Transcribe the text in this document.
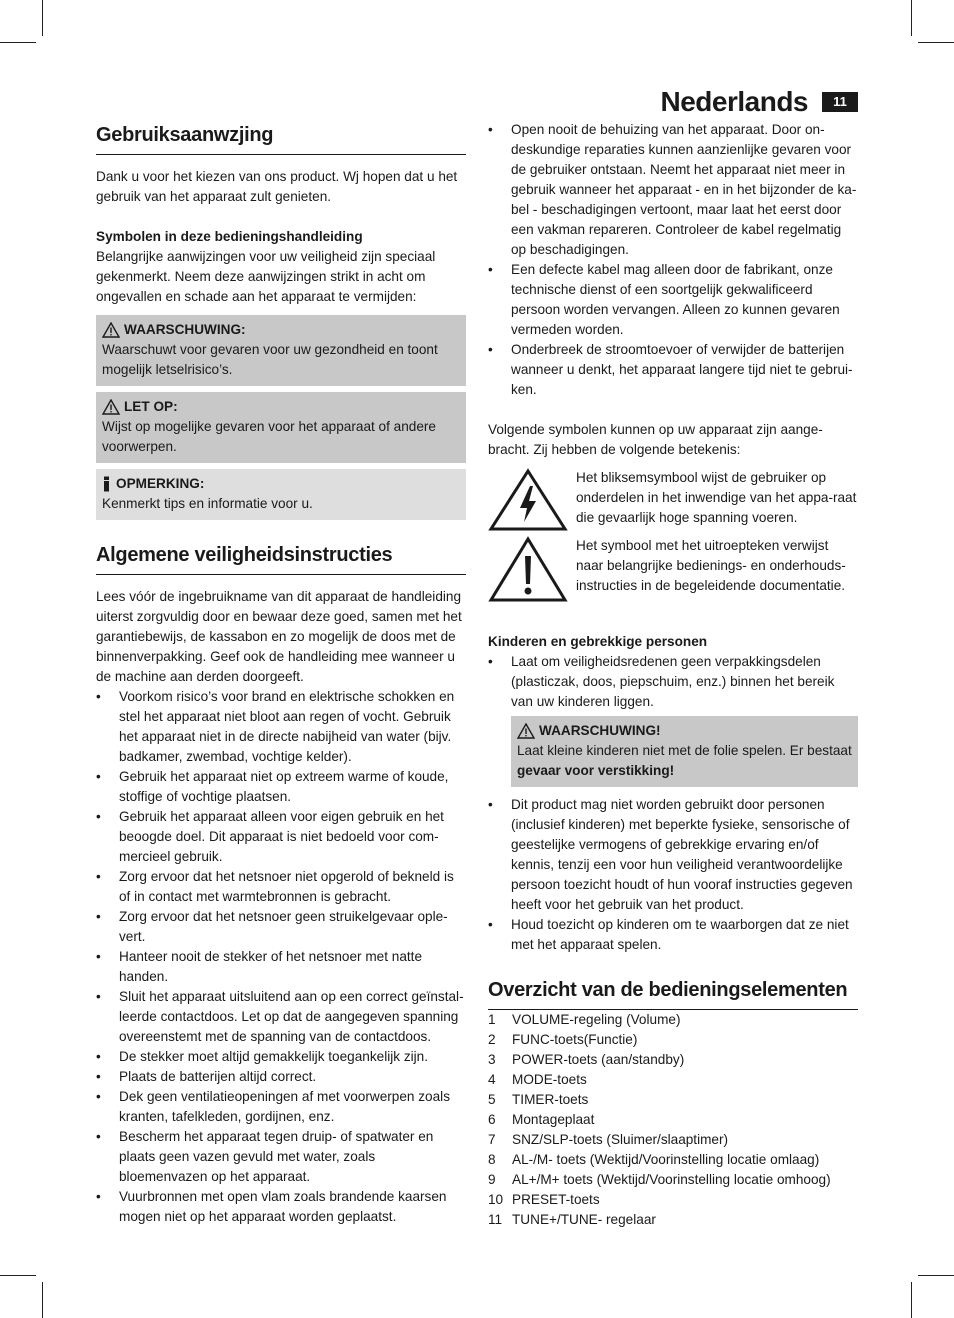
Nederlands	11
Gebruiksaanwzjing

Dank u voor het kiezen van ons product. Wj hopen dat u het gebruik van het apparaat zult genieten.

Symbolen in deze bedieningshandleiding

Belangrijke aanwijzingen voor uw veiligheid zijn speciaal gekenmerkt. Neem deze aanwijzingen strikt in acht om ongevallen en schade aan het apparaat te vermijden:

WAARSCHUWING:

Waarschuwt voor gevaren voor uw gezondheid en toont mogelijk letselrisico’s.

LET OP:

Wijst op mogelijke gevaren voor het apparaat of andere voorwerpen.

OPMERKING:

Kenmerkt tips en informatie voor u.

Algemene veiligheidsinstructies

Lees vóór de ingebruikname van dit apparaat de handleiding uiterst zorgvuldig door en bewaar deze goed, samen met het garantiebewijs, de kassabon en zo mogelijk de doos met de binnenverpakking. Geef ook de handleiding mee wanneer u de machine aan derden doorgeeft.

• Voorkom risico’s voor brand en elektrische schokken en stel het apparaat niet bloot aan regen of vocht. Gebruik het apparaat niet in de directe nabijheid van water (bijv. badkamer, zwembad, vochtige kelder).
• Gebruik het apparaat niet op extreem warme of koude, stoffige of vochtige plaatsen.
• Gebruik het apparaat alleen voor eigen gebruik en het beoogde doel. Dit apparaat is niet bedoeld voor com-mercieel gebruik.
• Zorg ervoor dat het netsnoer niet opgerold of bekneld is of in contact met warmtebronnen is gebracht.
• Zorg ervoor dat het netsnoer geen struikelgevaar ople-vert.
• Hanteer nooit de stekker of het netsnoer met natte handen.
• Sluit het apparaat uitsluitend aan op een correct geïnstal-leerde contactdoos. Let op dat de aangegeven spanning overeenstemt met de spanning van de contactdoos.
• De stekker moet altijd gemakkelijk toegankelijk zijn.
• Plaats de batterijen altijd correct.
• Dek geen ventilatieopeningen af met voorwerpen zoals kranten, tafelkleden, gordijnen, enz.
• Bescherm het apparaat tegen druip- of spatwater en plaats geen vazen gevuld met water, zoals bloemenvazen op het apparaat.
• Vuurbronnen met open vlam zoals brandende kaarsen mogen niet op het apparaat worden geplaatst.
• Open nooit de behuizing van het apparaat. Door on-deskundige reparaties kunnen aanzienlijke gevaren voor de gebruiker ontstaan. Neemt het apparaat niet meer in gebruik wanneer het apparaat - en in het bijzonder de ka-bel - beschadigingen vertoont, maar laat het eerst door een vakman repareren. Controleer de kabel regelmatig op beschadigingen.
• Een defecte kabel mag alleen door de fabrikant, onze technische dienst of een soortgelijk gekwalificeerd persoon worden vervangen. Alleen zo kunnen gevaren vermeden worden.
• Onderbreek de stroomtoevoer of verwijder de batterijen wanneer u denkt, het apparaat langere tijd niet te gebrui-ken.

Volgende symbolen kunnen op uw apparaat zijn aange-bracht. Zij hebben de volgende betekenis:

Het bliksemsymbool wijst de gebruiker op onderdelen in het inwendige van het appa-raat die gevaarlijk hoge spanning voeren.
Het symbool met het uitroepteken verwijst naar belangrijke bedienings- en onderhouds-instructies in de begeleidende documentatie.
Kinderen en gebrekkige personen
• Laat om veiligheidsredenen geen verpakkingsdelen (plasticzak, doos, piepschuim, enz.) binnen het bereik van uw kinderen liggen.
WAARSCHUWING!

Laat kleine kinderen niet met de folie spelen. Er bestaat
gevaar voor verstikking!

• Dit product mag niet worden gebruikt door personen (inclusief kinderen) met beperkte fysieke, sensorische of geestelijke vermogens of gebrekkige ervaring en/of kennis, tenzij een voor hun veiligheid verantwoordelijke persoon toezicht houdt of hun vooraf instructies gegeven heeft voor het gebruik van het product.
• Houd toezicht op kinderen om te waarborgen dat ze niet met het apparaat spelen.
Overzicht van de bedieningselementen
1	VOLUME-regeling (Volume)
2	FUNC-toets(Functie)
3	POWER-toets (aan/standby)
4	MODE-toets
5	TIMER-toets
6	Montageplaat
7	SNZ/SLP-toets (Sluimer/slaaptimer)
8	AL-/M- toets (Wektijd/Voorinstelling locatie omlaag)
9	AL+/M+ toets (Wektijd/Voorinstelling locatie omhoog)
10 PRESET-toets
11 TUNE+/TUNE- regelaar
